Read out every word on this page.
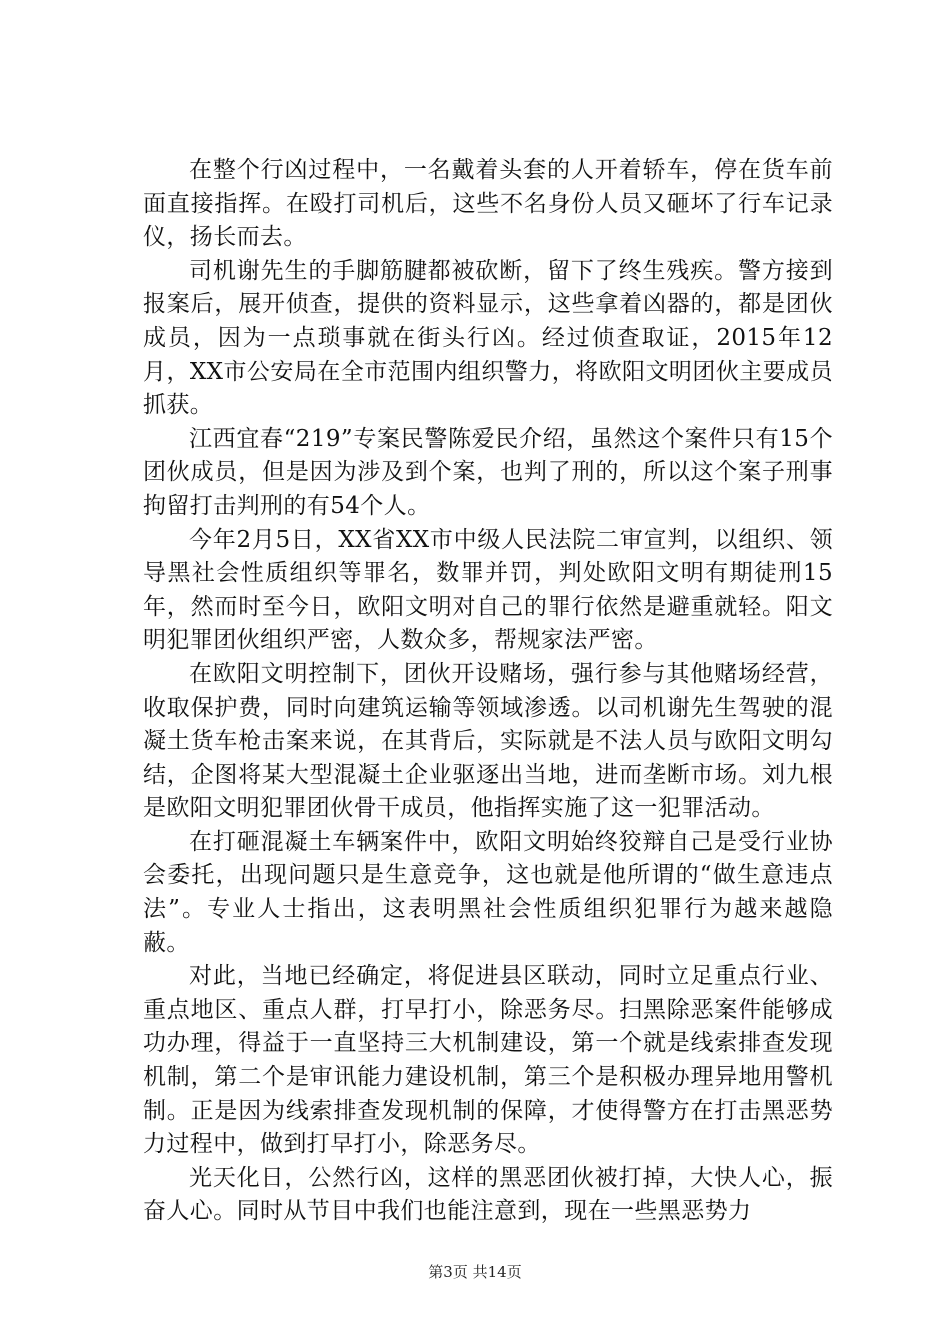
在整个行凶过程中，一名戴着头套的人开着轿车，停在货车前面直接指挥。在殴打司机后，这些不名身份人员又砸坏了行车记录仪，扬长而去。

司机谢先生的手脚筋腱都被砍断，留下了终生残疾。警方接到报案后，展开侦查，提供的资料显示，这些拿着凶器的，都是团伙成员，因为一点琐事就在街头行凶。经过侦查取证，2015年12月，XX市公安局在全市范围内组织警力，将欧阳文明团伙主要成员抓获。

江西宜春“219”专案民警陈爱民介绍，虽然这个案件只有15个团伙成员，但是因为涉及到个案，也判了刑的，所以这个案子刑事拘留打击判刑的有54个人。

今年2月5日，XX省XX市中级人民法院二审宣判，以组织、领导黑社会性质组织等罪名，数罪并罚，判处欧阳文明有期徒刑15年，然而时至今日，欧阳文明对自己的罪行依然是避重就轻。阳文明犯罪团伙组织严密，人数众多，帮规家法严密。

在欧阳文明控制下，团伙开设赌场，强行参与其他赌场经营，收取保护费，同时向建筑运输等领域渗透。以司机谢先生驾驶的混凝土货车枪击案来说，在其背后，实际就是不法人员与欧阳文明勾结，企图将某大型混凝土企业驱逐出当地，进而垄断市场。刘九根是欧阳文明犯罪团伙骨干成员，他指挥实施了这一犯罪活动。

在打砸混凝土车辆案件中，欧阳文明始终狡辩自己是受行业协会委托，出现问题只是生意竞争，这也就是他所谓的“做生意违点法”。专业人士指出，这表明黑社会性质组织犯罪行为越来越隐蔽。

对此，当地已经确定，将促进县区联动，同时立足重点行业、重点地区、重点人群，打早打小，除恶务尽。扫黑除恶案件能够成功办理，得益于一直坚持三大机制建设，第一个就是线索排查发现机制，第二个是审讯能力建设机制，第三个是积极办理异地用警机制。正是因为线索排查发现机制的保障，才使得警方在打击黑恶势力过程中，做到打早打小，除恶务尽。

光天化日，公然行凶，这样的黑恶团伙被打掉，大快人心，振奋人心。同时从节目中我们也能注意到，现在一些黑恶势力

第3页 共14页
